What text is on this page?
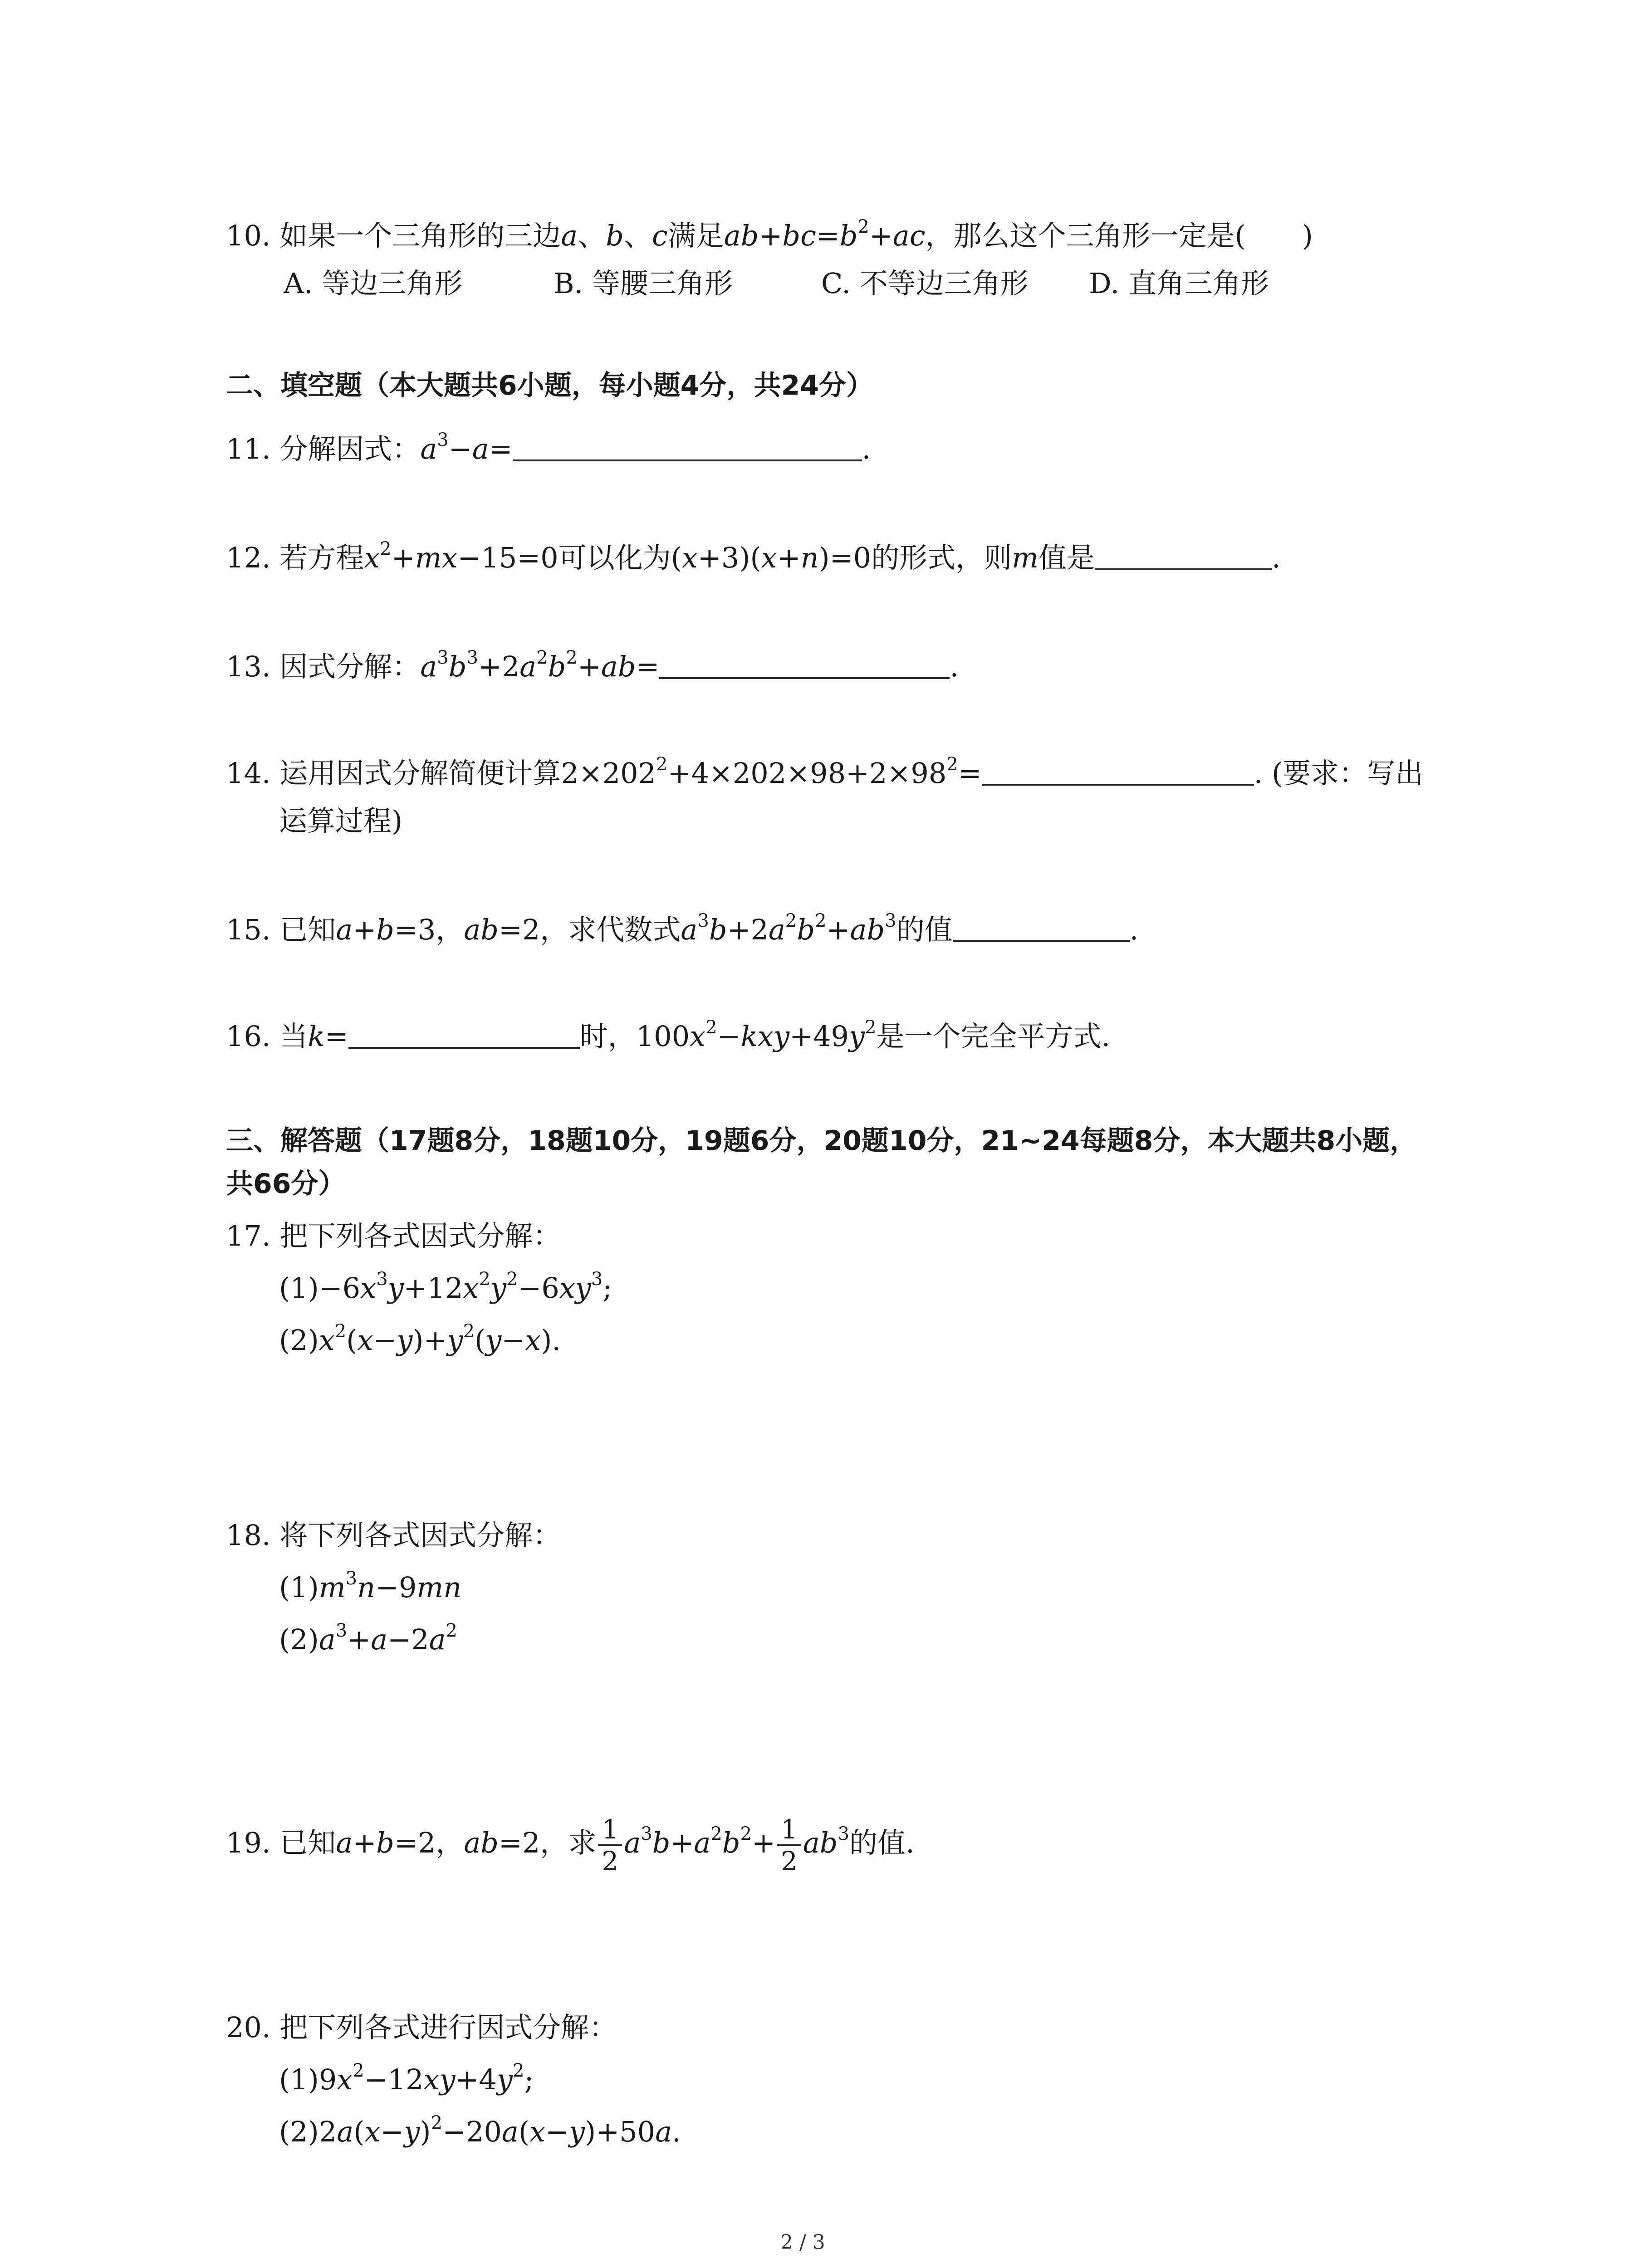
10. 如果一个三角形的三边a、b、c满足$ab+bc=b^2+ac$，那么这个三角形一定是(　　)
A. 等边三角形	B. 等腰三角形	C. 不等边三角形 D. 直角三角形
二、填空题（本大题共6小题，每小题4分，共24分）
11. 分解因式：$a^3-a=$	.
12. 若方程$x^2+mx-15=0$可以化为(x+3)(x+n)=0的形式，则m值是	.
13. 因式分解：$a^3b^3+2a^2b^2+ab=$	.
14. 运用因式分解简便计算$2\times 202^2+4\times 202\times 98+2\times 98^2=$	. (要求：写出
运算过程)
15. 已知a+b=3，ab=2，求代数式$a^3b+2a^2b^2+ab^3$的值	.
16. 当k=	时，$100x^2-kxy+49y^2$是一个完全平方式.
三、解答题（17题8分，18题10分，19题6分，20题10分，21~24每题8分，本大题共8小题，
共66分）
17. 把下列各式因式分解：
$(1)-6x^3y+12x^2y^2-6xy^3$;
$(2)x^2(x-y)+y^2(y-x)$.
18. 将下列各式因式分解：
$(1)m^3n-9mn$
$(2)a^3+a-2a^2$
19. 已知a+b=2，ab=2，求 $\frac{1}{2} a^3b+a^2b^2+ \frac{1}{2} ab^3$的值.
20. 把下列各式进行因式分解：
$(1)9x^2-12xy+4y^2$;
$(2)2a(x-y)^2-20a(x-y)+50a$.
2 / 3
